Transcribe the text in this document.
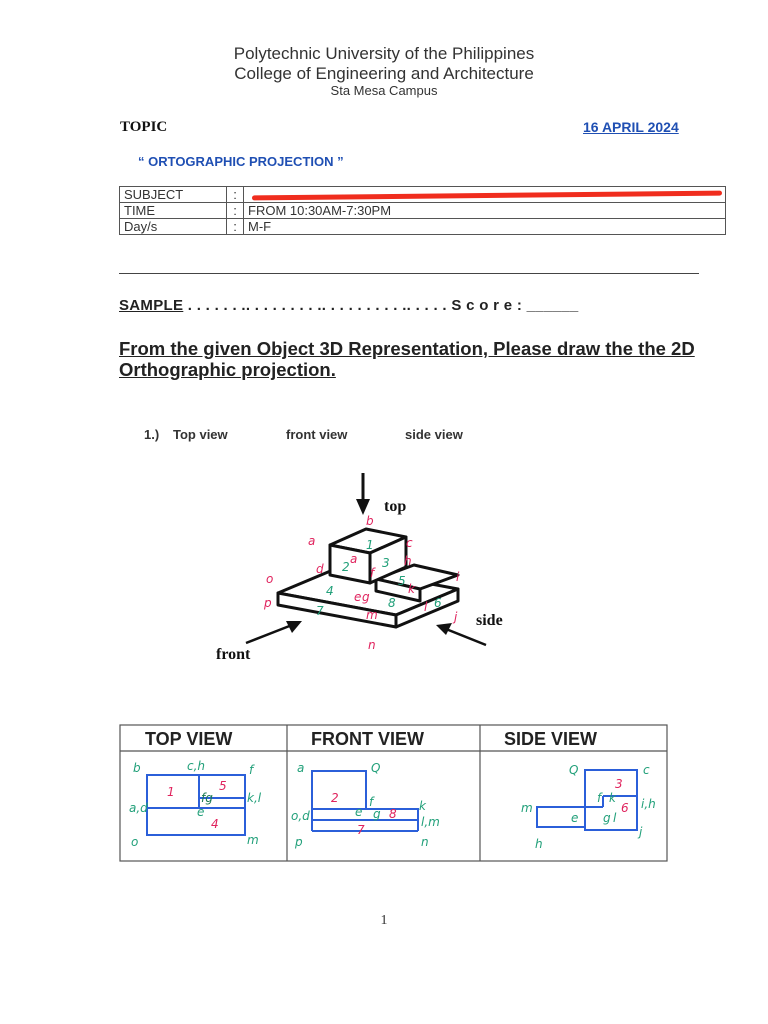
Polytechnic University of the Philippines
College of Engineering and Architecture
Sta Mesa Campus
TOPIC	16 APRIL 2024
“ ORTOGRAPHIC PROJECTION ”
SUBJECT	:	

TIME	:	FROM 10:30AM-7:30PM
Day/s	:	M-F
SAMPLE . . . . . . .. . . . . . . . .. . . . . . . . . .. . . . . S c o r e : ______
From the given Object 3D Representation, Please draw the the 2D Orthographic projection.
1.) Top view	front view	side view
top
side
front
a
b
c
d
a	h
f
e g
k
l
p
o
m
n
i
j
1
2	3
4
5
6
7
8
TOP VIEW	FRONT VIEW	SIDE VIEW
b	c,h	f
1	5
fg
e
4
a,d
o
k,l
m
a	Q
2	f
e g 8
k
l,m
o,d
7
p	n
Q	c
3
f k
6 i,h
m
e g l
j
h
1
